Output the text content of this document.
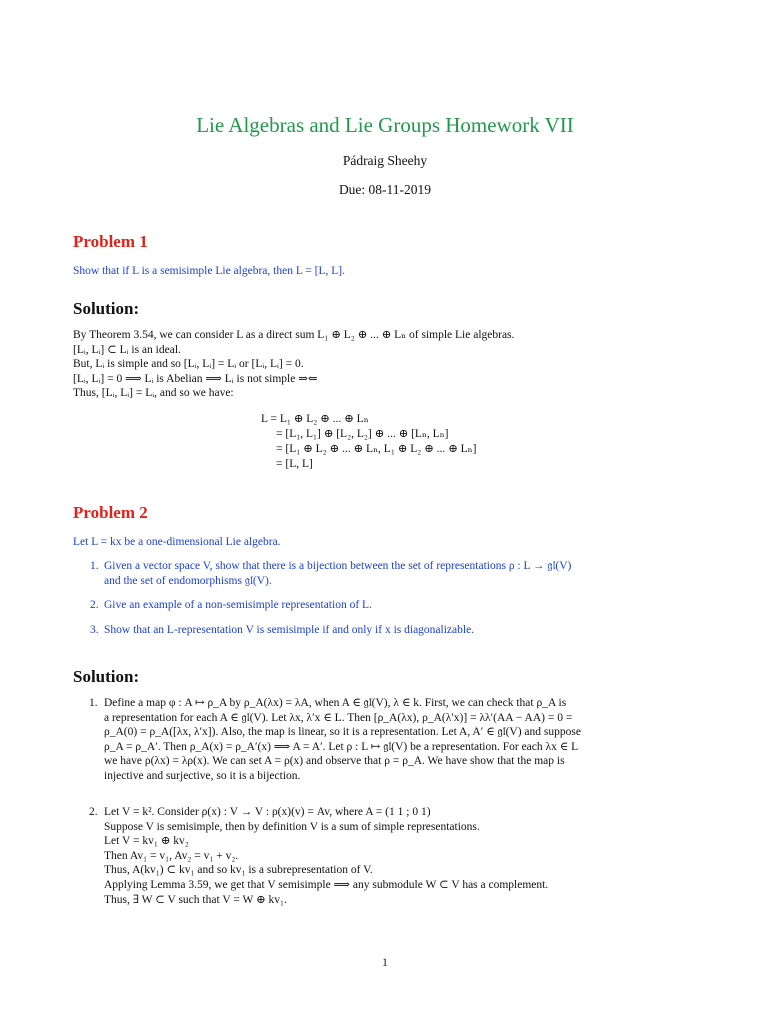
Lie Algebras and Lie Groups Homework VII
Pádraig Sheehy
Due: 08-11-2019
Problem 1
Show that if L is a semisimple Lie algebra, then L = [L, L].
Solution:
By Theorem 3.54, we can consider L as a direct sum L₁ ⊕ L₂ ⊕ ... ⊕ Lₙ of simple Lie algebras.
[Lᵢ, Lᵢ] ⊂ Lᵢ is an ideal.
But, Lᵢ is simple and so [Lᵢ, Lᵢ] = Lᵢ or [Lᵢ, Lᵢ] = 0.
[Lᵢ, Lᵢ] = 0 ⟹ Lᵢ is Abelian ⟹ Lᵢ is not simple ⇒⇐
Thus, [Lᵢ, Lᵢ] = Lᵢ, and so we have:
L = L₁ ⊕ L₂ ⊕ ... ⊕ Lₙ
= [L₁, L₁] ⊕ [L₂, L₂] ⊕ ... ⊕ [Lₙ, Lₙ]
= [L₁ ⊕ L₂ ⊕ ... ⊕ Lₙ, L₁ ⊕ L₂ ⊕ ... ⊕ Lₙ]
= [L, L]
Problem 2
Let L = kx be a one-dimensional Lie algebra.
1. Given a vector space V, show that there is a bijection between the set of representations ρ : L → 𝔤𝔩(V)
and the set of endomorphisms 𝔤𝔩(V).
2. Give an example of a non-semisimple representation of L.
3. Show that an L-representation V is semisimple if and only if x is diagonalizable.
Solution:
1. Define a map φ : A ↦ ρ_A by ρ_A(λx) = λA, when A ∈ 𝔤𝔩(V), λ ∈ k. First, we can check that ρ_A is
a representation for each A ∈ 𝔤𝔩(V). Let λx, λ′x ∈ L. Then [ρ_A(λx), ρ_A(λ′x)] = λλ′(AA − AA) = 0 =
ρ_A(0) = ρ_A([λx, λ′x]). Also, the map is linear, so it is a representation. Let A, A′ ∈ 𝔤𝔩(V) and suppose
ρ_A = ρ_A′. Then ρ_A(x) = ρ_A′(x) ⟹ A = A′. Let ρ : L ↦ 𝔤𝔩(V) be a representation. For each λx ∈ L
we have ρ(λx) = λρ(x). We can set A = ρ(x) and observe that ρ = ρ_A. We have show that the map is
injective and surjective, so it is a bijection.
2. Let V = k². Consider ρ(x) : V → V : ρ(x)(v) = Av, where A = (1 1 ; 0 1)
Suppose V is semisimple, then by definition V is a sum of simple representations.
Let V = kv₁ ⊕ kv₂
Then Av₁ = v₁, Av₂ = v₁ + v₂.
Thus, A(kv₁) ⊂ kv₁ and so kv₁ is a subrepresentation of V.
Applying Lemma 3.59, we get that V semisimple ⟹ any submodule W ⊂ V has a complement.
Thus, ∃ W ⊂ V such that V = W ⊕ kv₁.
1
